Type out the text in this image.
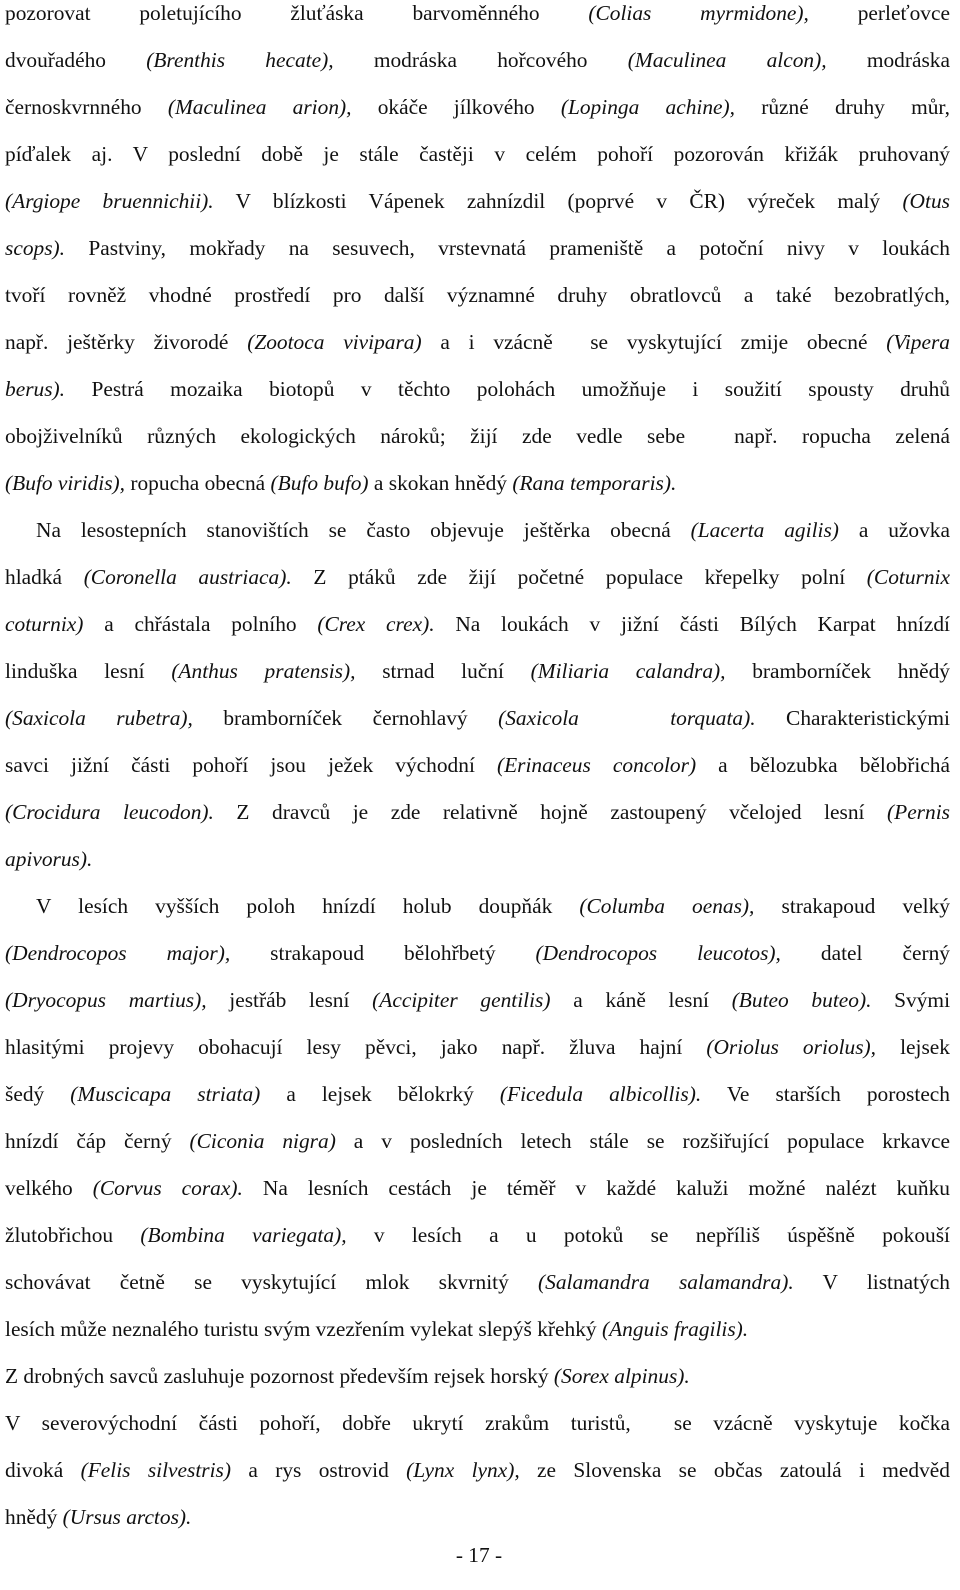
pozorovat poletujícího žluťáska barvoměnného (Colias myrmidone), perleťovce
dvouřadého (Brenthis hecate), modráska hořcového (Maculinea alcon), modráska
černoskvrnného (Maculinea arion), okáče jílkového (Lopinga achine), různé druhy můr,
píďalek aj. V poslední době je stále častěji v celém pohoří pozorován křižák pruhovaný
(Argiope bruennichii). V blízkosti Vápenek zahnízdil (poprvé v ČR) výreček malý (Otus
scops). Pastviny, mokřady na sesuvech, vrstevnatá prameniště a potoční nivy v loukách
tvoří rovněž vhodné prostředí pro další významné druhy obratlovců a také bezobratlých,
např. ještěrky živorodé (Zootoca vivipara) a i vzácně  se vyskytující zmije obecné (Vipera
berus). Pestrá mozaika biotopů v těchto polohách umožňuje i soužití spousty druhů
obojživelníků různých ekologických nároků; žijí zde vedle sebe  např. ropucha zelená
(Bufo viridis), ropucha obecná (Bufo bufo) a skokan hnědý (Rana temporaris).
Na lesostepních stanovištích se často objevuje ještěrka obecná (Lacerta agilis) a užovka
hladká (Coronella austriaca). Z ptáků zde žijí početné populace křepelky polní (Coturnix
coturnix) a chřástala polního (Crex crex). Na loukách v jižní části Bílých Karpat hnízdí
linduška lesní (Anthus pratensis), strnad luční (Miliaria calandra), bramborníček hnědý
(Saxicola rubetra), bramborníček černohlavý (Saxicola   torquata). Charakteristickými
savci jižní části pohoří jsou ježek východní (Erinaceus concolor) a bělozubka bělobřichá
(Crocidura leucodon). Z dravců je zde relativně hojně zastoupený včelojed lesní (Pernis
apivorus).
V lesích vyšších poloh hnízdí holub doupňák (Columba oenas), strakapoud velký
(Dendrocopos major), strakapoud bělohřbetý (Dendrocopos leucotos), datel černý
(Dryocopus martius), jestřáb lesní (Accipiter gentilis) a káně lesní (Buteo buteo). Svými
hlasitými projevy obohacují lesy pěvci, jako např. žluva hajní (Oriolus oriolus), lejsek
šedý (Muscicapa striata) a lejsek bělokrký (Ficedula albicollis). Ve starších porostech
hnízdí čáp černý (Ciconia nigra) a v posledních letech stále se rozšiřující populace krkavce
velkého (Corvus corax). Na lesních cestách je téměř v každé kaluži možné nalézt kuňku
žlutobřichou (Bombina variegata), v lesích a u potoků se nepříliš úspěšně pokouší
schovávat četně se vyskytující mlok skvrnitý (Salamandra salamandra). V listnatých
lesích může neznalého turistu svým vzezřením vylekat slepýš křehký (Anguis fragilis).
Z drobných savců zasluhuje pozornost především rejsek horský (Sorex alpinus).
V severovýchodní části pohoří, dobře ukrytí zrakům turistů,  se vzácně vyskytuje kočka
divoká (Felis silvestris) a rys ostrovid (Lynx lynx), ze Slovenska se občas zatoulá i medvěd
hnědý (Ursus arctos).
- 17 -
